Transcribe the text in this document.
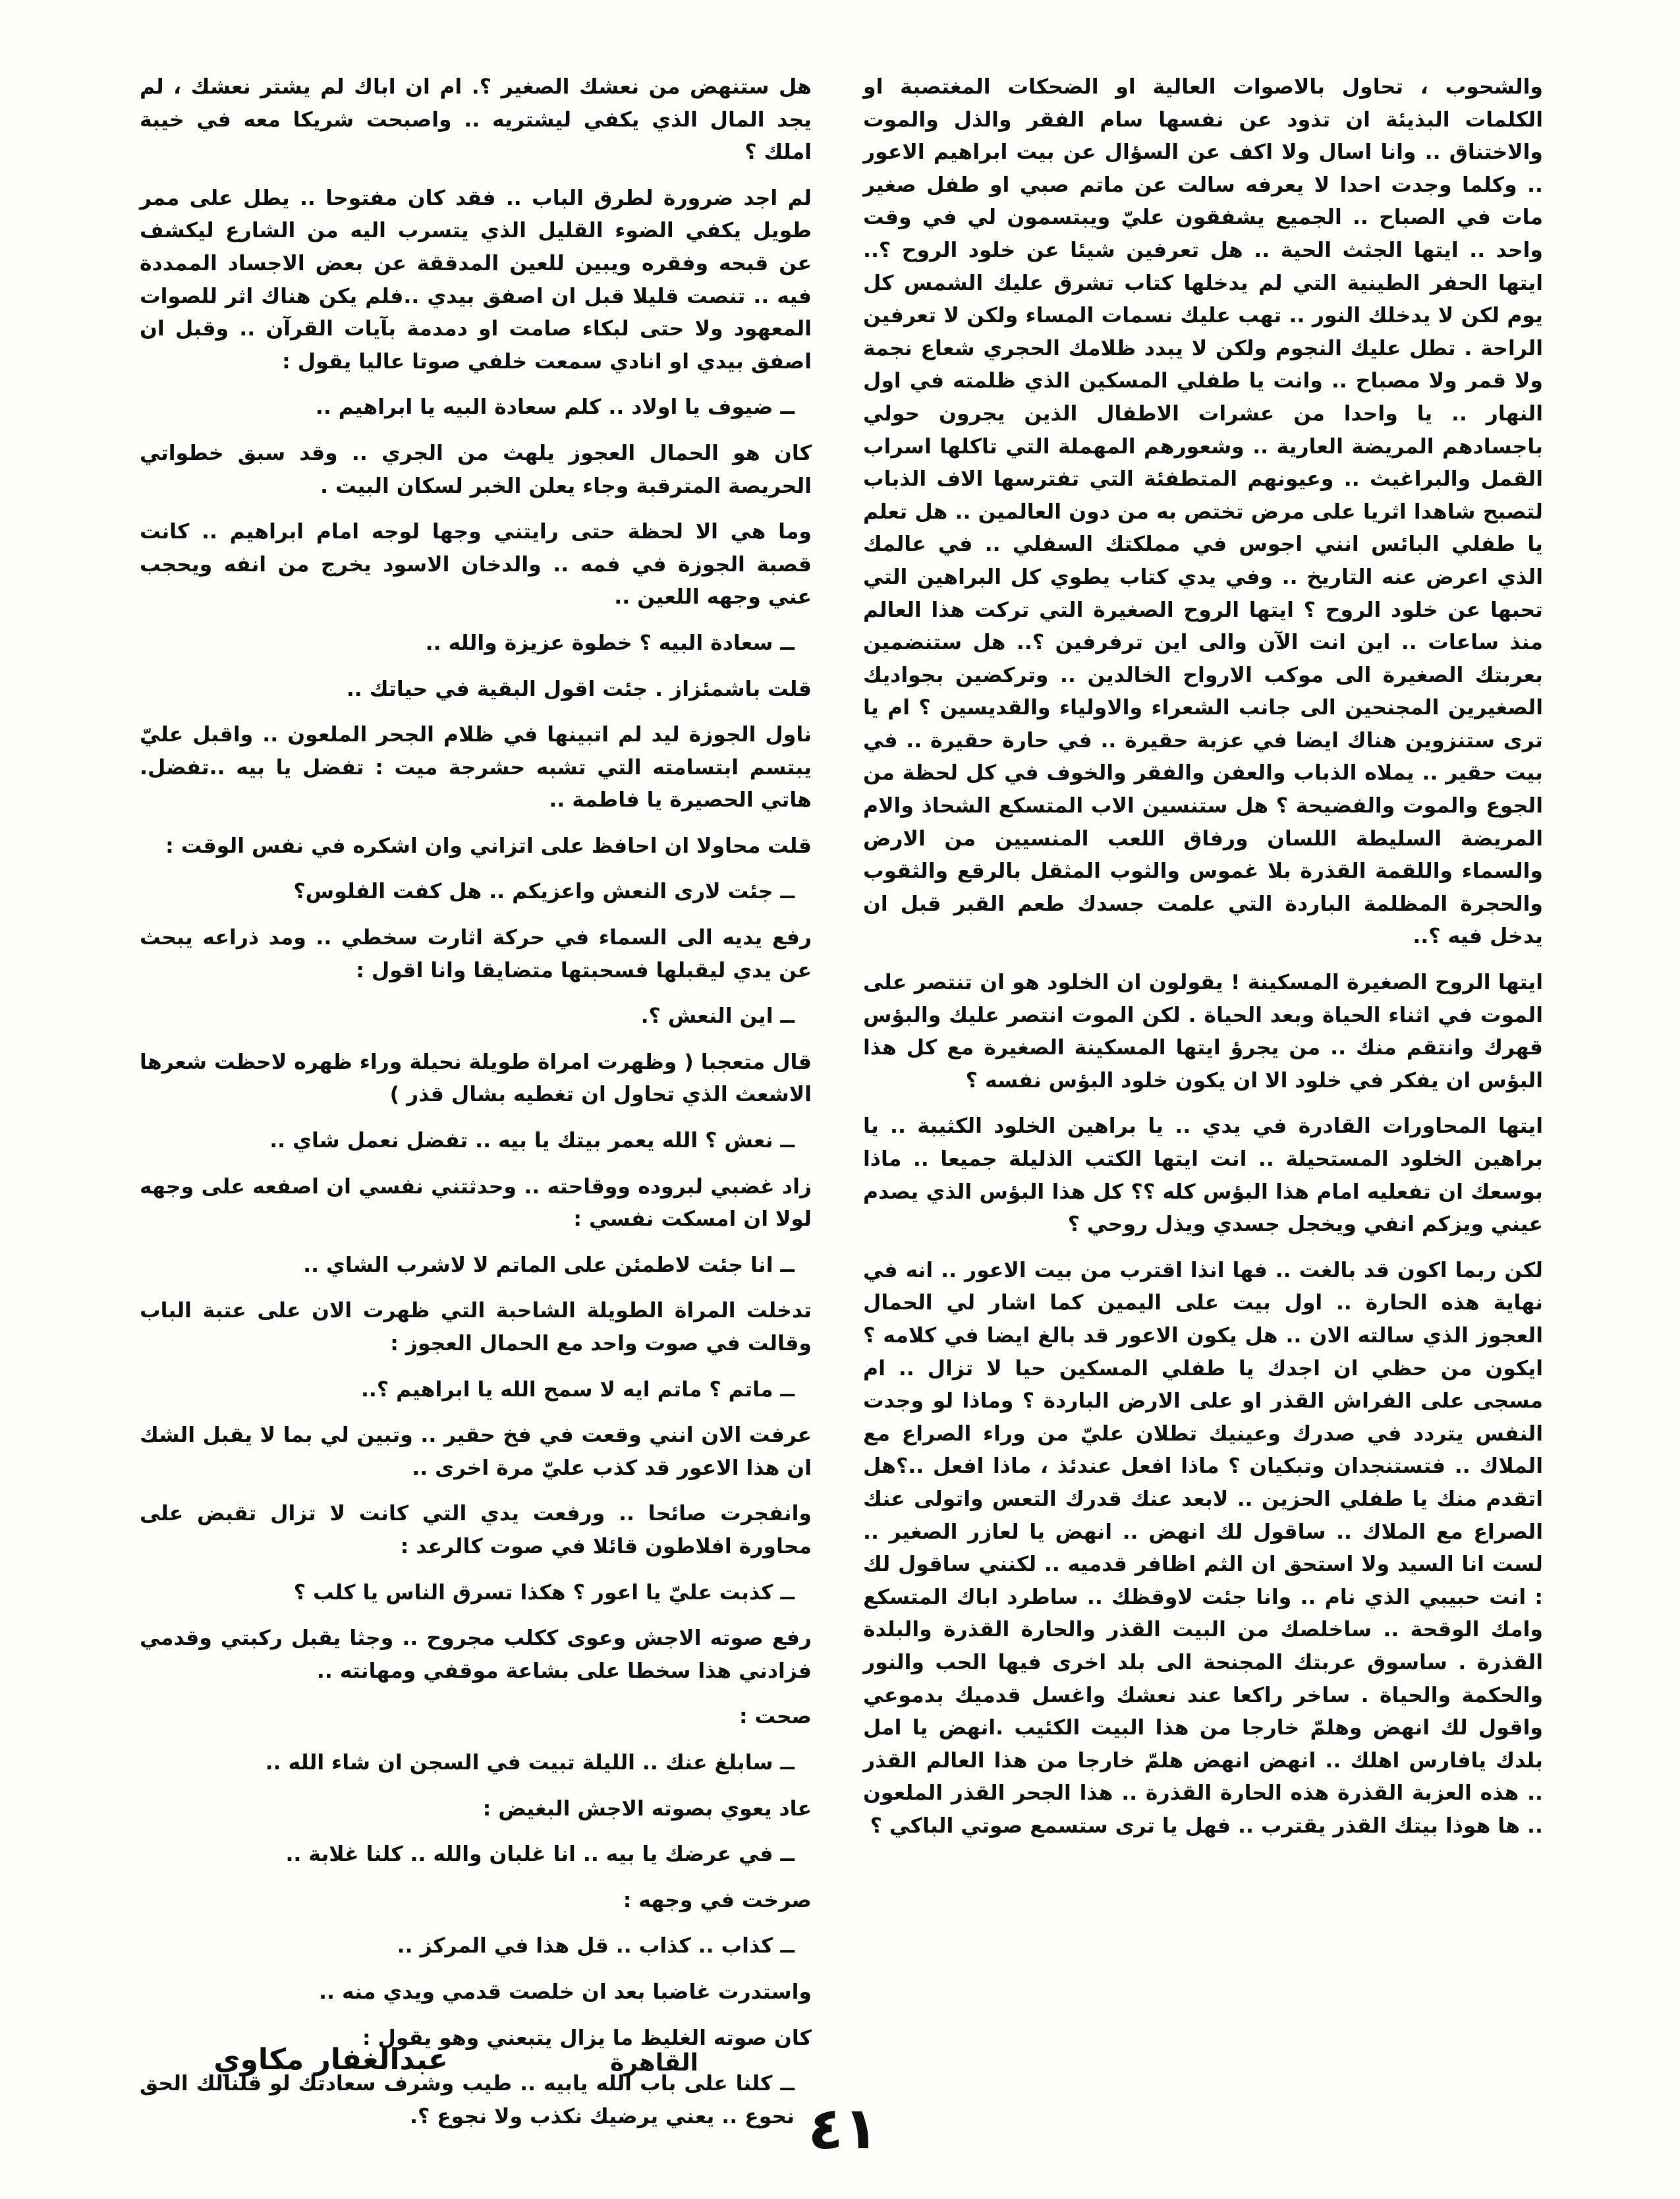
والشحوب ، تحاول بالاصوات العالية او الضحكات المغتصبة او الكلمات البذيئة ان تذود عن نفسها سام الفقر والذل والموت والاختناق .. وانا اسال ولا اكف عن السؤال عن بيت ابراهيم الاعور .. وكلما وجدت احدا لا يعرفه سالت عن ماتم صبي او طفل صغير مات في الصباح .. الجميع يشفقون عليّ ويبتسمون لي في وقت واحد .. ايتها الجثث الحية .. هل تعرفين شيئا عن خلود الروح ؟.. ايتها الحفر الطينية التي لم يدخلها كتاب تشرق عليك الشمس كل يوم لكن لا يدخلك النور .. تهب عليك نسمات المساء ولكن لا تعرفين الراحة . تطل عليك النجوم ولكن لا يبدد ظلامك الحجري شعاع نجمة ولا قمر ولا مصباح .. وانت يا طفلي المسكين الذي ظلمته في اول النهار .. يا واحدا من عشرات الاطفال الذين يجرون حولي باجسادهم المريضة العارية .. وشعورهم المهملة التي تاكلها اسراب القمل والبراغيث .. وعيونهم المتطفئة التي تفترسها الاف الذباب لتصبح شاهدا اثريا على مرض تختص به من دون العالمين .. هل تعلم يا طفلي البائس انني اجوس في مملكتك السفلي .. في عالمك الذي اعرض عنه التاريخ .. وفي يدي كتاب يطوي كل البراهين التي تحبها عن خلود الروح ؟ ايتها الروح الصغيرة التي تركت هذا العالم منذ ساعات .. اين انت الآن والى اين ترفرفين ؟.. هل ستنضمين بعربتك الصغيرة الى موكب الارواح الخالدين .. وتركضين بجواديك الصغيرين المجنحين الى جانب الشعراء والاولياء والقديسين ؟ ام يا ترى ستنزوين هناك ايضا في عزبة حقيرة .. في حارة حقيرة .. في بيت حقير .. يملاه الذباب والعفن والفقر والخوف في كل لحظة من الجوع والموت والفضيحة ؟ هل ستنسين الاب المتسكع الشحاذ والام المريضة السليطة اللسان ورفاق اللعب المنسيين من الارض والسماء واللقمة القذرة بلا غموس والثوب المثقل بالرقع والثقوب والحجرة المظلمة الباردة التي علمت جسدك طعم القبر قبل ان يدخل فيه ؟..

ايتها الروح الصغيرة المسكينة ! يقولون ان الخلود هو ان تنتصر على الموت في اثناء الحياة وبعد الحياة . لكن الموت انتصر عليك والبؤس قهرك وانتقم منك .. من يجرؤ ايتها المسكينة الصغيرة مع كل هذا البؤس ان يفكر في خلود الا ان يكون خلود البؤس نفسه ؟

ايتها المحاورات القادرة في يدي .. يا براهين الخلود الكثيبة .. يا براهين الخلود المستحيلة .. انت ايتها الكتب الذليلة جميعا .. ماذا بوسعك ان تفعليه امام هذا البؤس كله ؟؟ كل هذا البؤس الذي يصدم عيني ويزكم انفي ويخجل جسدي ويذل روحي ؟

لكن ربما اكون قد بالغت .. فها انذا اقترب من بيت الاعور .. انه في نهاية هذه الحارة .. اول بيت على اليمين كما اشار لي الحمال العجوز الذي سالته الان .. هل يكون الاعور قد بالغ ايضا في كلامه ؟ ايكون من حظي ان اجدك يا طفلي المسكين حيا لا تزال .. ام مسجى على الفراش القذر او على الارض الباردة ؟ وماذا لو وجدت النفس يتردد في صدرك وعينيك تطلان عليّ من وراء الصراع مع الملاك .. فتستنجدان وتبكيان ؟ ماذا افعل عندئذ ، ماذا افعل ..؟هل اتقدم منك يا طفلي الحزين .. لابعد عنك قدرك التعس واتولى عنك الصراع مع الملاك .. ساقول لك انهض .. انهض يا لعازر الصغير .. لست انا السيد ولا استحق ان الثم اظافر قدميه .. لكنني ساقول لك : انت حبيبي الذي نام .. وانا جئت لاوقظك .. ساطرد اباك المتسكع وامك الوقحة .. ساخلصك من البيت القذر والحارة القذرة والبلدة القذرة . ساسوق عربتك المجنحة الى بلد اخرى فيها الحب والنور والحكمة والحياة . ساخر راكعا عند نعشك واغسل قدميك بدموعي واقول لك انهض وهلمّ خارجا من هذا البيت الكئيب .انهض يا امل بلدك يافارس اهلك .. انهض انهض هلمّ خارجا من هذا العالم القذر .. هذه العزبة القذرة هذه الحارة القذرة .. هذا الجحر القذر الملعون .. ها هوذا بيتك القذر يقترب .. فهل يا ترى ستسمع صوتي الباكي ؟

هل ستنهض من نعشك الصغير ؟. ام ان اباك لم يشتر نعشك ، لم يجد المال الذي يكفي ليشتريه .. واصبحت شريكا معه في خيبة املك ؟

لم اجد ضرورة لطرق الباب .. فقد كان مفتوحا .. يطل على ممر طويل يكفي الضوء القليل الذي يتسرب اليه من الشارع ليكشف عن قبحه وفقره ويبين للعين المدققة عن بعض الاجساد الممددة فيه .. تنصت قليلا قبل ان اصفق بيدي ..فلم يكن هناك اثر للصوات المعهود ولا حتى لبكاء صامت او دمدمة بآيات القرآن .. وقبل ان اصفق بيدي او انادي سمعت خلفي صوتا عاليا يقول :

ــ ضيوف يا اولاد .. كلم سعادة البيه يا ابراهيم ..

كان هو الحمال العجوز يلهث من الجري .. وقد سبق خطواتي الحريصة المترقبة وجاء يعلن الخبر لسكان البيت .

وما هي الا لحظة حتى رايتني وجها لوجه امام ابراهيم .. كانت قصبة الجوزة في فمه .. والدخان الاسود يخرج من انفه ويحجب عني وجهه اللعين ..

ــ سعادة البيه ؟ خطوة عزيزة والله ..

قلت باشمئزاز . جئت اقول البقية في حياتك ..

ناول الجوزة ليد لم اتبينها في ظلام الجحر الملعون .. واقبل عليّ يبتسم ابتسامته التي تشبه حشرجة ميت : تفضل يا بيه ..تفضل. هاتي الحصيرة يا فاطمة ..

قلت محاولا ان احافظ على اتزاني وان اشكره في نفس الوقت :

ــ جئت لارى النعش واعزيكم .. هل كفت الفلوس؟

رفع يديه الى السماء في حركة اثارت سخطي .. ومد ذراعه يبحث عن يدي ليقبلها فسحبتها متضايقا وانا اقول :

ــ اين النعش ؟.

قال متعجبا ( وظهرت امراة طويلة نحيلة وراء ظهره لاحظت شعرها الاشعث الذي تحاول ان تغطيه بشال قذر )

ــ نعش ؟ الله يعمر بيتك يا بيه .. تفضل نعمل شاي ..

زاد غضبي لبروده ووقاحته .. وحدثتني نفسي ان اصفعه على وجهه لولا ان امسكت نفسي :

ــ انا جئت لاطمئن على الماتم لا لاشرب الشاي ..

تدخلت المراة الطويلة الشاحبة التي ظهرت الان على عتبة الباب وقالت في صوت واحد مع الحمال العجوز :

ــ ماتم ؟ ماتم ايه لا سمح الله يا ابراهيم ؟..

عرفت الان انني وقعت في فخ حقير .. وتبين لي بما لا يقبل الشك ان هذا الاعور قد كذب عليّ مرة اخرى ..

وانفجرت صائحا .. ورفعت يدي التي كانت لا تزال تقبض على محاورة افلاطون قائلا في صوت كالرعد :

ــ كذبت عليّ يا اعور ؟ هكذا تسرق الناس يا كلب ؟

رفع صوته الاجش وعوى ككلب مجروح .. وجثا يقبل ركبتي وقدمي فزادني هذا سخطا على بشاعة موقفي ومهانته ..

صحت :

ــ سابلغ عنك .. الليلة تبيت في السجن ان شاء الله ..

عاد يعوي بصوته الاجش البغيض :

ــ في عرضك يا بيه .. انا غلبان والله .. كلنا غلابة ..

صرخت في وجهه :

ــ كذاب .. كذاب .. قل هذا في المركز ..

واستدرت غاضبا بعد ان خلصت قدمي ويدي منه ..

كان صوته الغليظ ما يزال يتبعني وهو يقول :

ــ كلنا على باب الله يابيه .. طيب وشرف سعادتك لو قلنالك الحق نحوع .. يعني يرضيك نكذب ولا نجوع ؟.

عبدالغفار مكاوي	القاهرة
٤١
